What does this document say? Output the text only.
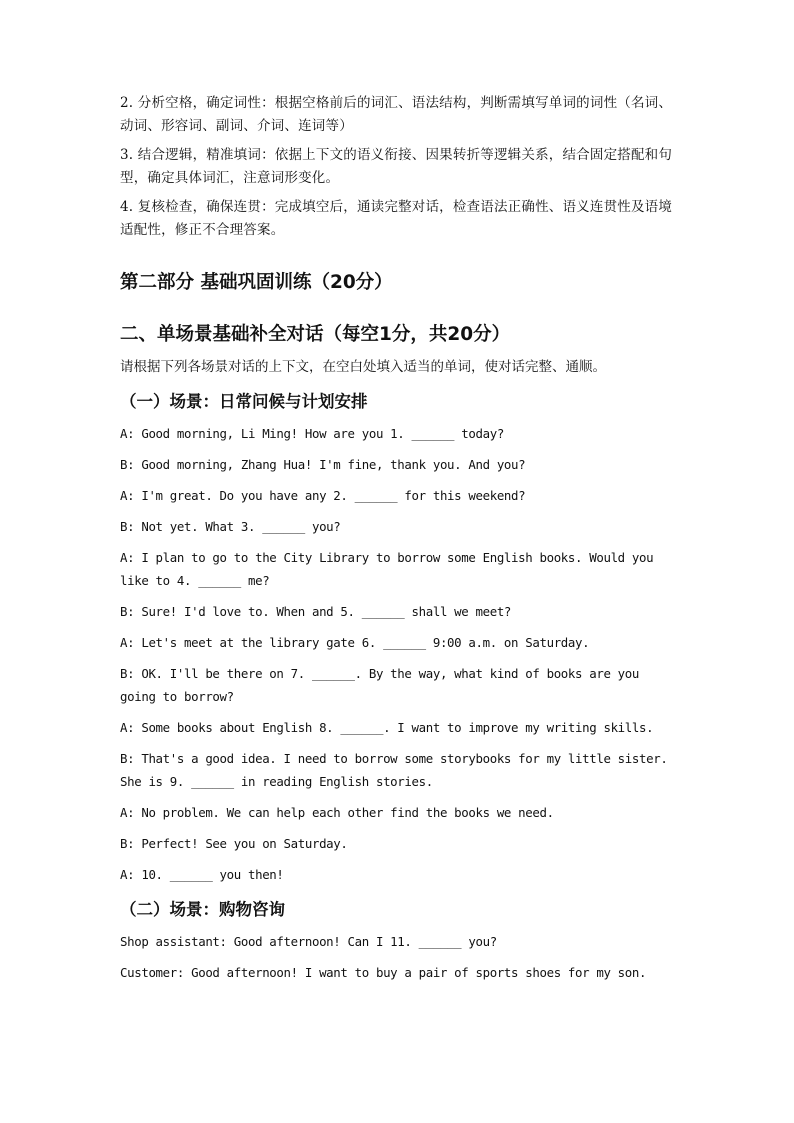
2. 分析空格，确定词性：根据空格前后的词汇、语法结构，判断需填写单词的词性（名词、动词、形容词、副词、介词、连词等）

3. 结合逻辑，精准填词：依据上下文的语义衔接、因果转折等逻辑关系，结合固定搭配和句型，确定具体词汇，注意词形变化。

4. 复核检查，确保连贯：完成填空后，通读完整对话，检查语法正确性、语义连贯性及语境适配性，修正不合理答案。

第二部分 基础巩固训练（20分）
二、单场景基础补全对话（每空1分，共20分）

请根据下列各场景对话的上下文，在空白处填入适当的单词，使对话完整、通顺。

（一）场景：日常问候与计划安排

A: Good morning, Li Ming! How are you 1. ______ today?

B: Good morning, Zhang Hua! I'm fine, thank you. And you?

A: I'm great. Do you have any 2. ______ for this weekend?

B: Not yet. What 3. ______ you?

A: I plan to go to the City Library to borrow some English books. Would you like to 4. ______ me?

B: Sure! I'd love to. When and 5. ______ shall we meet?

A: Let's meet at the library gate 6. ______ 9:00 a.m. on Saturday.

B: OK. I'll be there on 7. ______. By the way, what kind of books are you going to borrow?

A: Some books about English 8. ______. I want to improve my writing skills.

B: That's a good idea. I need to borrow some storybooks for my little sister. She is 9. ______ in reading English stories.

A: No problem. We can help each other find the books we need.

B: Perfect! See you on Saturday.

A: 10. ______ you then!

（二）场景：购物咨询

Shop assistant: Good afternoon! Can I 11. ______ you?

Customer: Good afternoon! I want to buy a pair of sports shoes for my son.
